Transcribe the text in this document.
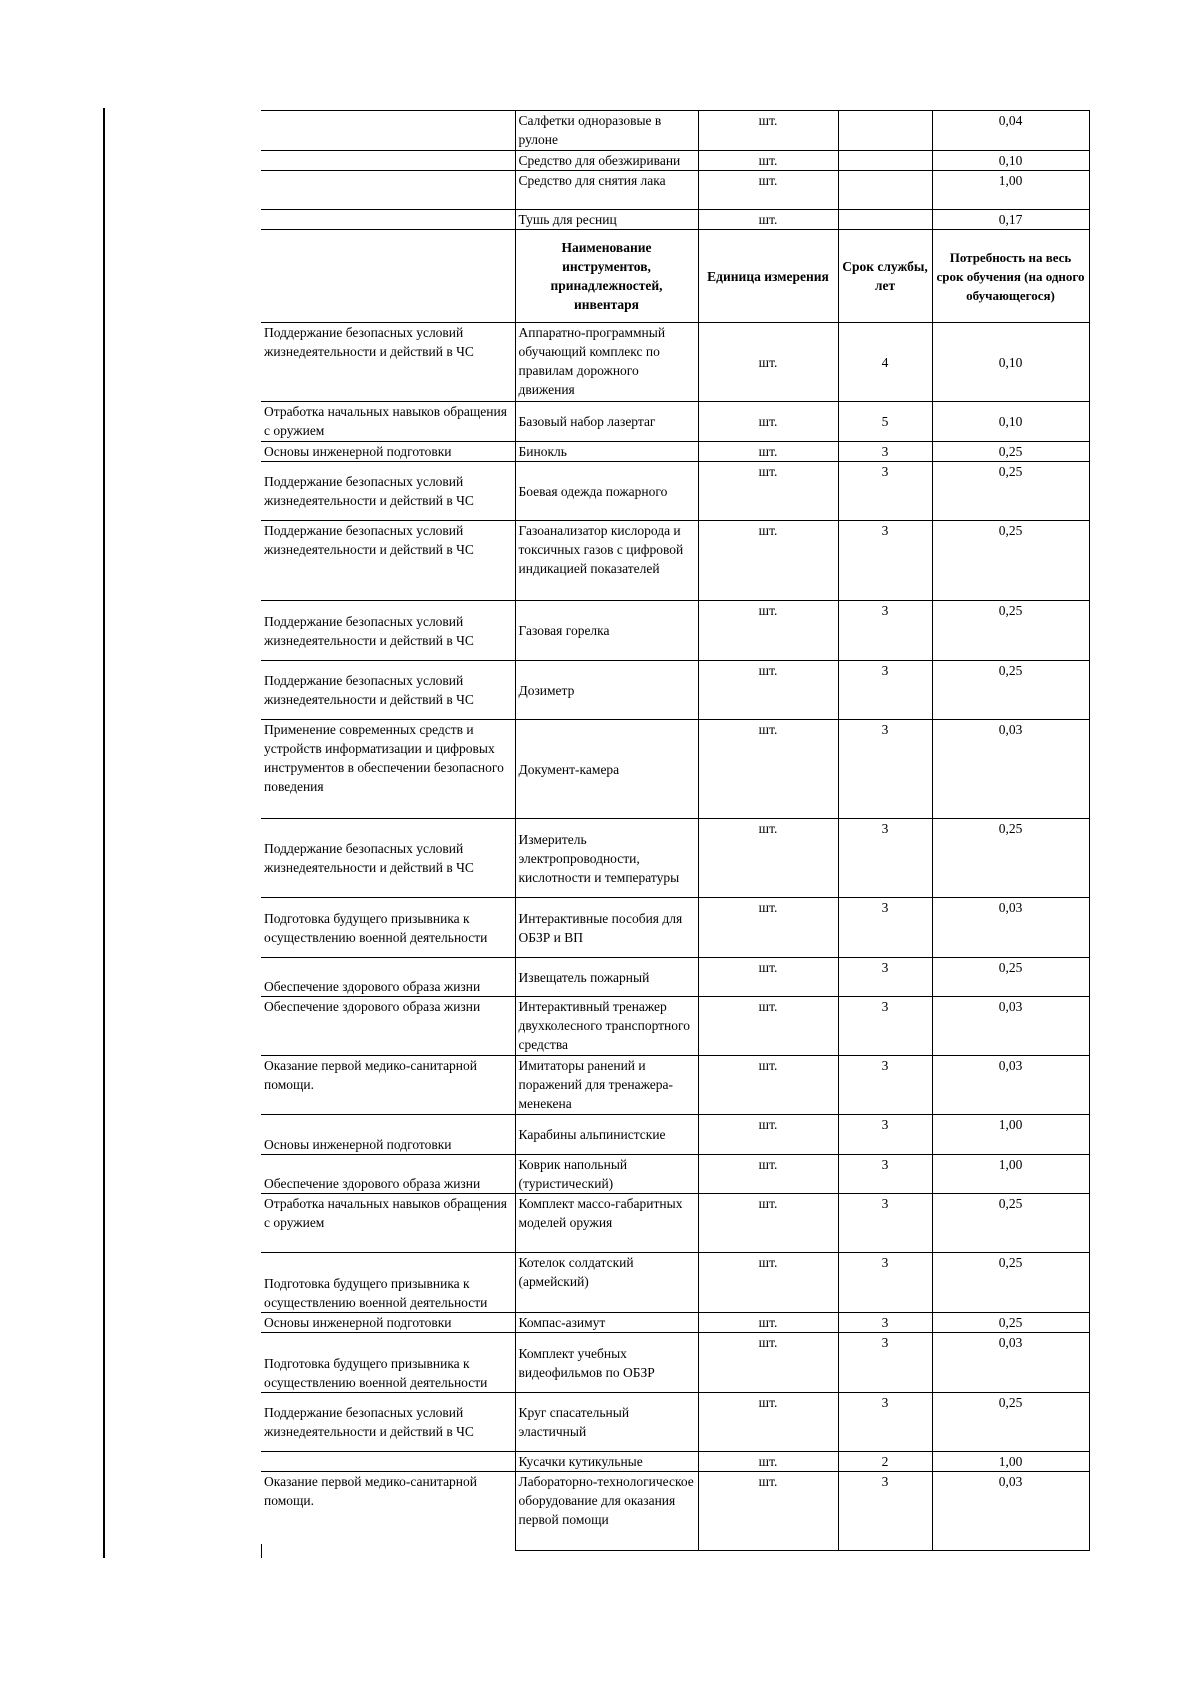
	Салфетки одноразовые в рулоне	шт.		0,04
	Средство для обезжиривани	шт.		0,10
	Средство для снятия лака	шт.		1,00
	Тушь для ресниц	шт.		0,17
	Наименование инструментов, принадлежностей, инвентаря	Единица измерения	Срок службы, лет	Потребность на весь срок обучения (на одного обучающегося)
Поддержание безопасных условий жизнедеятельности и действий в ЧС	Аппаратно-программный обучающий комплекс по правилам дорожного движения	шт.	4	0,10
Отработка начальных навыков обращения с оружием	Базовый набор лазертаг	шт.	5	0,10
Основы инженерной подготовки	Бинокль	шт.	3	0,25
Поддержание безопасных условий жизнедеятельности и действий в ЧС	Боевая одежда пожарного	шт.	3	0,25
Поддержание безопасных условий жизнедеятельности и действий в ЧС	Газоанализатор кислорода и токсичных газов с цифровой индикацией показателей	шт.	3	0,25
Поддержание безопасных условий жизнедеятельности и действий в ЧС	Газовая горелка	шт.	3	0,25
Поддержание безопасных условий жизнедеятельности и действий в ЧС	Дозиметр	шт.	3	0,25
Применение современных средств и устройств информатизации и цифровых инструментов в обеспечении безопасного поведения	Документ-камера	шт.	3	0,03
Поддержание безопасных условий жизнедеятельности и действий в ЧС	Измеритель электропроводности, кислотности и температуры	шт.	3	0,25
Подготовка будущего призывника к осуществлению военной деятельности	Интерактивные пособия для ОБЗР и ВП	шт.	3	0,03
Обеспечение здорового образа жизни	Извещатель пожарный	шт.	3	0,25
Обеспечение здорового образа жизни	Интерактивный тренажер двухколесного транспортного средства	шт.	3	0,03
Оказание первой медико-санитарной помощи.	Имитаторы ранений и поражений для тренажера-менекена	шт.	3	0,03
Основы инженерной подготовки	Карабины альпинистские	шт.	3	1,00
Обеспечение здорового образа жизни	Коврик напольный (туристический)	шт.	3	1,00
Отработка начальных навыков обращения с оружием	Комплект массо-габаритных моделей оружия	шт.	3	0,25
Подготовка будущего призывника к осуществлению военной деятельности	Котелок солдатский (армейский)	шт.	3	0,25
Основы инженерной подготовки	Компас-азимут	шт.	3	0,25
Подготовка будущего призывника к осуществлению военной деятельности	Комплект учебных видеофильмов по ОБЗР	шт.	3	0,03
Поддержание безопасных условий жизнедеятельности и действий в ЧС	Круг спасательный эластичный	шт.	3	0,25
	Кусачки кутикульные	шт.	2	1,00
Оказание первой медико-санитарной помощи.	Лабораторно-технологическое оборудование для оказания первой помощи	шт.	3	0,03
